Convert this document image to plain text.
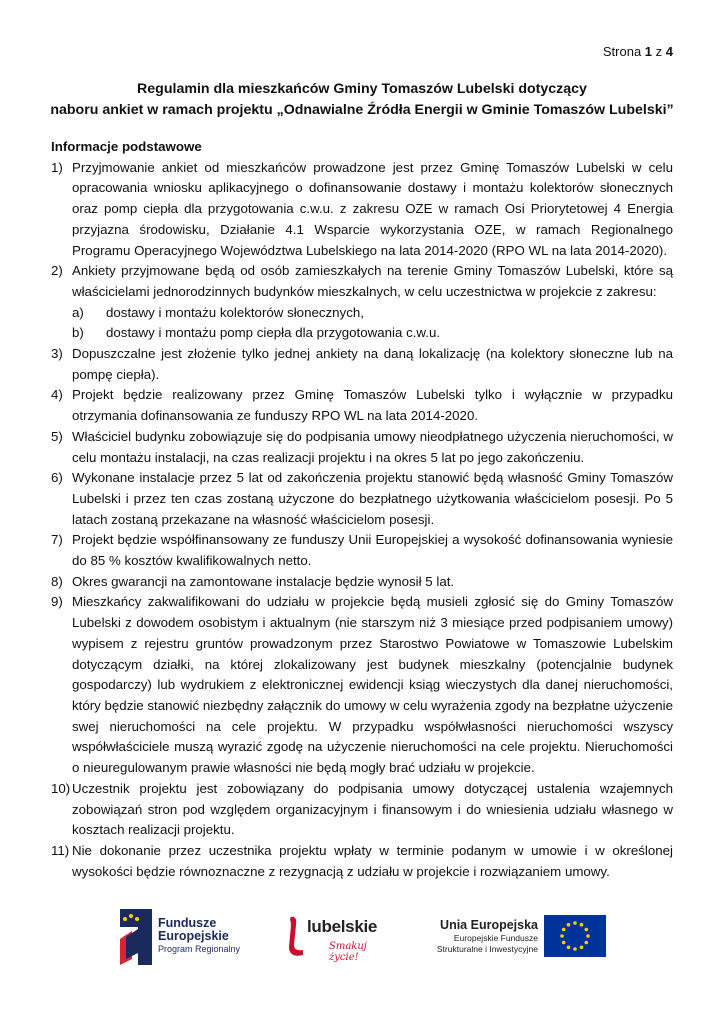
Strona 1 z 4
Regulamin dla mieszkańców Gminy Tomaszów Lubelski dotyczący
naboru ankiet w ramach projektu „Odnawialne Źródła Energii w Gminie Tomaszów Lubelski”

Informacje podstawowe

1) Przyjmowanie ankiet od mieszkańców prowadzone jest przez Gminę Tomaszów Lubelski w celu opracowania wniosku aplikacyjnego o dofinansowanie dostawy i montażu kolektorów słonecznych oraz pomp ciepła dla przygotowania c.w.u. z zakresu OZE w ramach Osi Priorytetowej 4 Energia przyjazna środowisku, Działanie 4.1 Wsparcie wykorzystania OZE, w ramach Regionalnego Programu Operacyjnego Województwa Lubelskiego na lata 2014-2020 (RPO WL na lata 2014-2020).
2) Ankiety przyjmowane będą od osób zamieszkałych na terenie Gminy Tomaszów Lubelski, które są właścicielami jednorodzinnych budynków mieszkalnych, w celu uczestnictwa w projekcie z zakresu:
a) dostawy i montażu kolektorów słonecznych,
b) dostawy i montażu pomp ciepła dla przygotowania c.w.u.
3) Dopuszczalne jest złożenie tylko jednej ankiety na daną lokalizację (na kolektory słoneczne lub na pompę ciepła).
4) Projekt będzie realizowany przez Gminę Tomaszów Lubelski tylko i wyłącznie w przypadku otrzymania dofinansowania ze funduszy RPO WL na lata 2014-2020.
5) Właściciel budynku zobowiązuje się do podpisania umowy nieodpłatnego użyczenia nieruchomości, w celu montażu instalacji, na czas realizacji projektu i na okres 5 lat po jego zakończeniu.
6) Wykonane instalacje przez 5 lat od zakończenia projektu stanowić będą własność Gminy Tomaszów Lubelski i przez ten czas zostaną użyczone do bezpłatnego użytkowania właścicielom posesji. Po 5 latach zostaną przekazane na własność właścicielom posesji.
7) Projekt będzie współfinansowany ze funduszy Unii Europejskiej a wysokość dofinansowania wyniesie do 85 % kosztów kwalifikowalnych netto.
8) Okres gwarancji na zamontowane instalacje będzie wynosił 5 lat.
9) Mieszkańcy zakwalifikowani do udziału w projekcie będą musieli zgłosić się do Gminy Tomaszów Lubelski z dowodem osobistym i aktualnym (nie starszym niż 3 miesiące przed podpisaniem umowy) wypisem z rejestru gruntów prowadzonym przez Starostwo Powiatowe w Tomaszowie Lubelskim dotyczącym działki, na której zlokalizowany jest budynek mieszkalny (potencjalnie budynek gospodarczy) lub wydrukiem z elektronicznej ewidencji ksiąg wieczystych dla danej nieruchomości, który będzie stanowić niezbędny załącznik do umowy w celu wyrażenia zgody na bezpłatne użyczenie swej nieruchomości na cele projektu. W przypadku współwłasności nieruchomości wszyscy współwłaściciele muszą wyrazić zgodę na użyczenie nieruchomości na cele projektu. Nieruchomości o nieuregulowanym prawie własności nie będą mogły brać udziału w projekcie.
10) Uczestnik projektu jest zobowiązany do podpisania umowy dotyczącej ustalenia wzajemnych zobowiązań stron pod względem organizacyjnym i finansowym i do wniesienia udziału własnego w kosztach realizacji projektu.
11) Nie dokonanie przez uczestnika projektu wpłaty w terminie podanym w umowie i w określonej wysokości będzie równoznaczne z rezygnacją z udziału w projekcie i rozwiązaniem umowy.
Fundusze
Europejskie
Program Regionalny
lubelskie
Smakuj życie!
Unia Europejska
Europejskie Fundusze
Strukturalne i Inwestycyjne
